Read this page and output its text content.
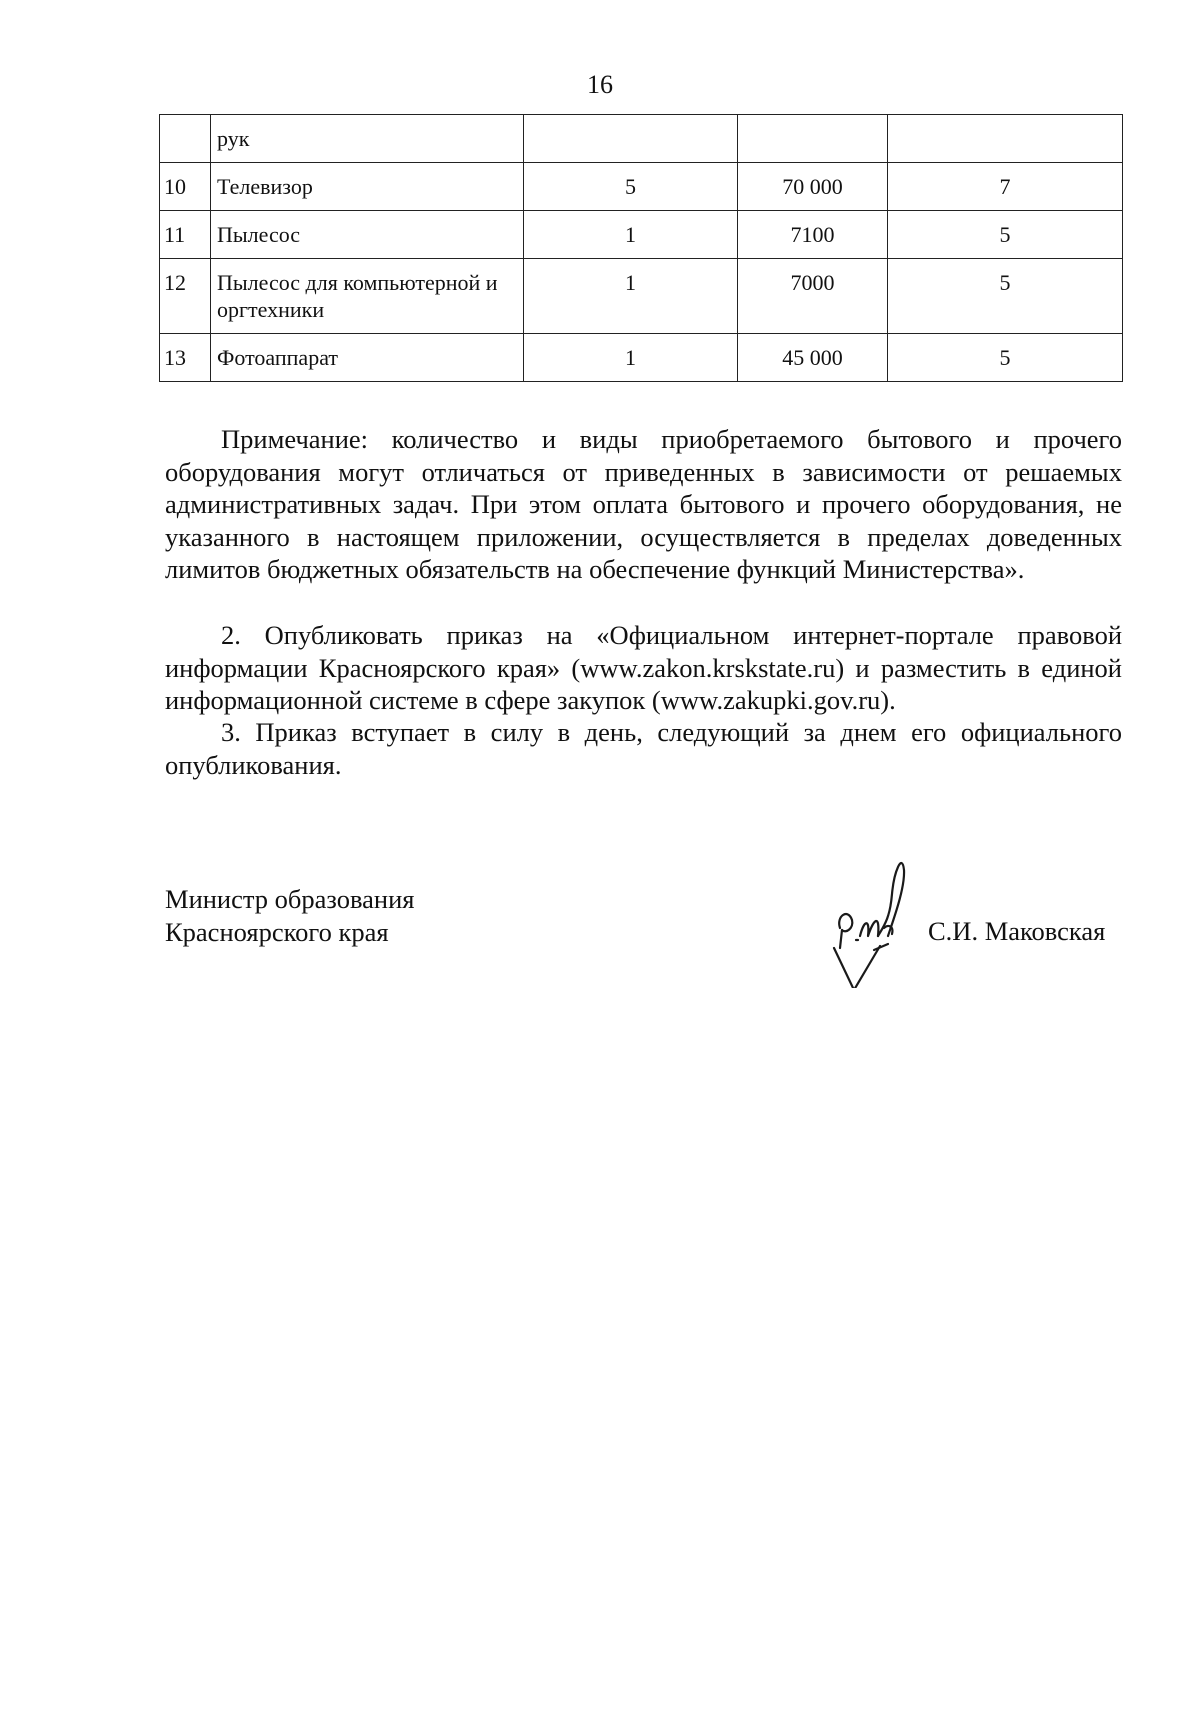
16
	рук			
10	Телевизор	5	70 000	7
11	Пылесос	1	7100	5
12	Пылесос для компьютерной и оргтехники	1	7000	5
13	Фотоаппарат	1	45 000	5

Примечание: количество и виды приобретаемого бытового и прочего оборудования могут отличаться от приведенных в зависимости от решаемых административных задач. При этом оплата бытового и прочего оборудования, не указанного в настоящем приложении, осуществляется в пределах доведенных лимитов бюджетных обязательств на обеспечение функций Министерства».

2. Опубликовать приказ на «Официальном интернет-портале правовой информации Красноярского края» (www.zakon.krskstate.ru) и разместить в единой информационной системе в сфере закупок (www.zakupki.gov.ru).

3. Приказ вступает в силу в день, следующий за днем его официального опубликования.

Министр образования
Красноярского края	С.И. Маковская
